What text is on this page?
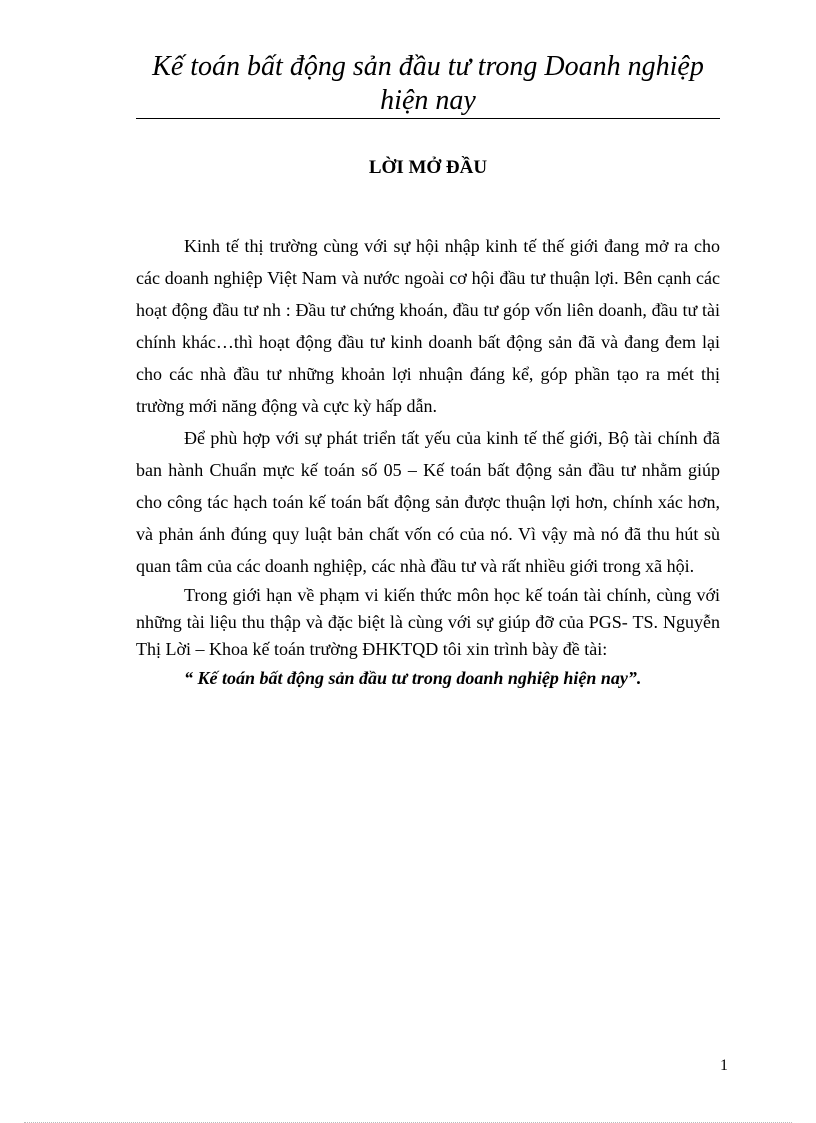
Kế toán bất động sản đầu tư trong Doanh nghiệp hiện nay
LỜI MỞ ĐẦU

Kinh tế thị trường cùng với sự hội nhập kinh tế thế giới đang mở ra cho các doanh nghiệp Việt Nam và nước ngoài cơ hội đầu tư thuận lợi. Bên cạnh các hoạt động đầu tư nh : Đầu tư chứng khoán, đầu tư góp vốn liên doanh, đầu tư tài chính khác…thì hoạt động đầu tư kinh doanh bất động sản đã và đang đem lại cho các nhà đầu tư những khoản lợi nhuận đáng kể, góp phần tạo ra mét thị trường mới năng động và cực kỳ hấp dẫn.

Để phù hợp với sự phát triển tất yếu của kinh tế thế giới, Bộ tài chính đã ban hành Chuẩn mực kế toán số 05 – Kế toán bất động sản đầu tư nhằm giúp cho công tác hạch toán kế toán bất động sản được thuận lợi hơn, chính xác hơn, và phản ánh đúng quy luật bản chất vốn có của nó. Vì vậy mà nó đã thu hút sù quan tâm của các doanh nghiệp, các nhà đầu tư và rất nhiều giới trong xã hội.

Trong giới hạn về phạm vi kiến thức môn học kế toán tài chính, cùng với những tài liệu thu thập và đặc biệt là cùng với sự giúp đỡ của PGS- TS. Nguyễn Thị Lời – Khoa kế toán trường ĐHKTQD tôi xin trình bày đề tài:

“ Kế toán bất động sản đầu tư trong doanh nghiệp hiện nay”.

1
